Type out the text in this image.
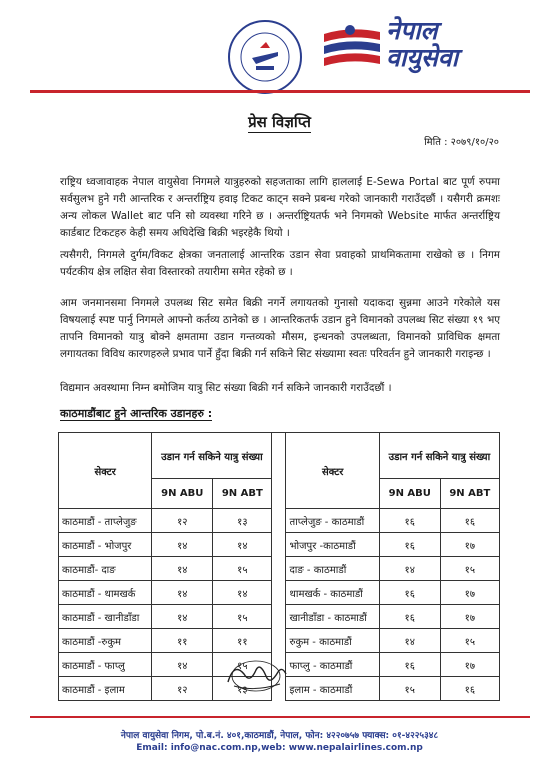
नेपाल
वायुसेवा
प्रेस विज्ञप्ति
मिति : २०७९/१०/२०

राष्ट्रिय ध्वजावाहक नेपाल वायुसेवा निगमले यात्रुहरुको सहजताका लागि हाललाई E-Sewa Portal बाट पूर्ण रुपमा सर्वसुलभ हुने गरी आन्तरिक र अन्तर्राष्ट्रिय हवाइ टिकट काट्न सक्ने प्रबन्ध गरेको जानकारी गराउँदछौं । यसैगरी क्रमशः अन्य लोकल Wallet बाट पनि सो व्यवस्था गरिने छ । अन्तर्राष्ट्रियतर्फ भने निगमको Website मार्फत अन्तर्राष्ट्रिय कार्डबाट टिकटहरु केही समय अघिदेखि बिक्री भइरहेकै थियो ।

त्यसैगरी, निगमले दुर्गम/विकट क्षेत्रका जनतालाई आन्तरिक उडान सेवा प्रवाहको प्राथमिकतामा राखेको छ । निगम पर्यटकीय क्षेत्र लक्षित सेवा विस्तारको तयारीमा समेत रहेको छ ।

आम जनमानसमा निगमले उपलब्ध सिट समेत बिक्री नगर्ने लगायतको गुनासो यदाकदा सुन्नमा आउने गरेकोले यस विषयलाई स्पष्ट पार्नु निगमले आफ्नो कर्तव्य ठानेको छ । आन्तरिकतर्फ उडान हुने विमानको उपलब्ध सिट संख्या १९ भए तापनि विमानको यात्रु बोक्ने क्षमतामा उडान गन्तव्यको मौसम, इन्धनको उपलब्धता, विमानको प्राविधिक क्षमता लगायतका विविध कारणहरुले प्रभाव पार्ने हुँदा बिक्री गर्न सकिने सिट संख्यामा स्वतः परिवर्तन हुने जानकारी गराइन्छ ।

विद्यमान अवस्थामा निम्न बमोजिम यात्रु सिट संख्या बिक्री गर्न सकिने जानकारी गराउँदछौं ।

काठमाडौंबाट हुने आन्तरिक उडानहरु :
सेक्टर	उडान गर्न सकिने यात्रु संख्या			सेक्टर	उडान गर्न सकिने यात्रु संख्या	
	9N ABU	9N ABT			9N ABU	9N ABT
काठमाडौं - ताप्लेजुङ	१२	१३		ताप्लेजुङ - काठमाडौं	१६	१६
काठमाडौं - भोजपुर	१४	१४		भोजपुर -काठमाडौं	१६	१७
काठमाडौं- दाङ	१४	१५		दाङ - काठमाडौं	१४	१५
काठमाडौं - थामखर्क	१४	१४		थामखर्क - काठमाडौं	१६	१७
काठमाडौं - खानीडाँडा	१४	१५		खानीडाँडा - काठमाडौं	१६	१७
काठमाडौं -रुकुम	११	११		रुकुम - काठमाडौं	१४	१५
काठमाडौं - फाप्लु	१४	१५		फाप्लु - काठमाडौं	१६	१७
काठमाडौं - इलाम	१२	१३		इलाम - काठमाडौं	१५	१६
नेपाल वायुसेवा निगम, पो.ब.नं. ४०१,काठमाडौं, नेपाल, फोन: ४२२०७५७ फ्याक्स: ०१-४२२५३४८
Email: info@nac.com.np,web: www.nepalairlines.com.np
